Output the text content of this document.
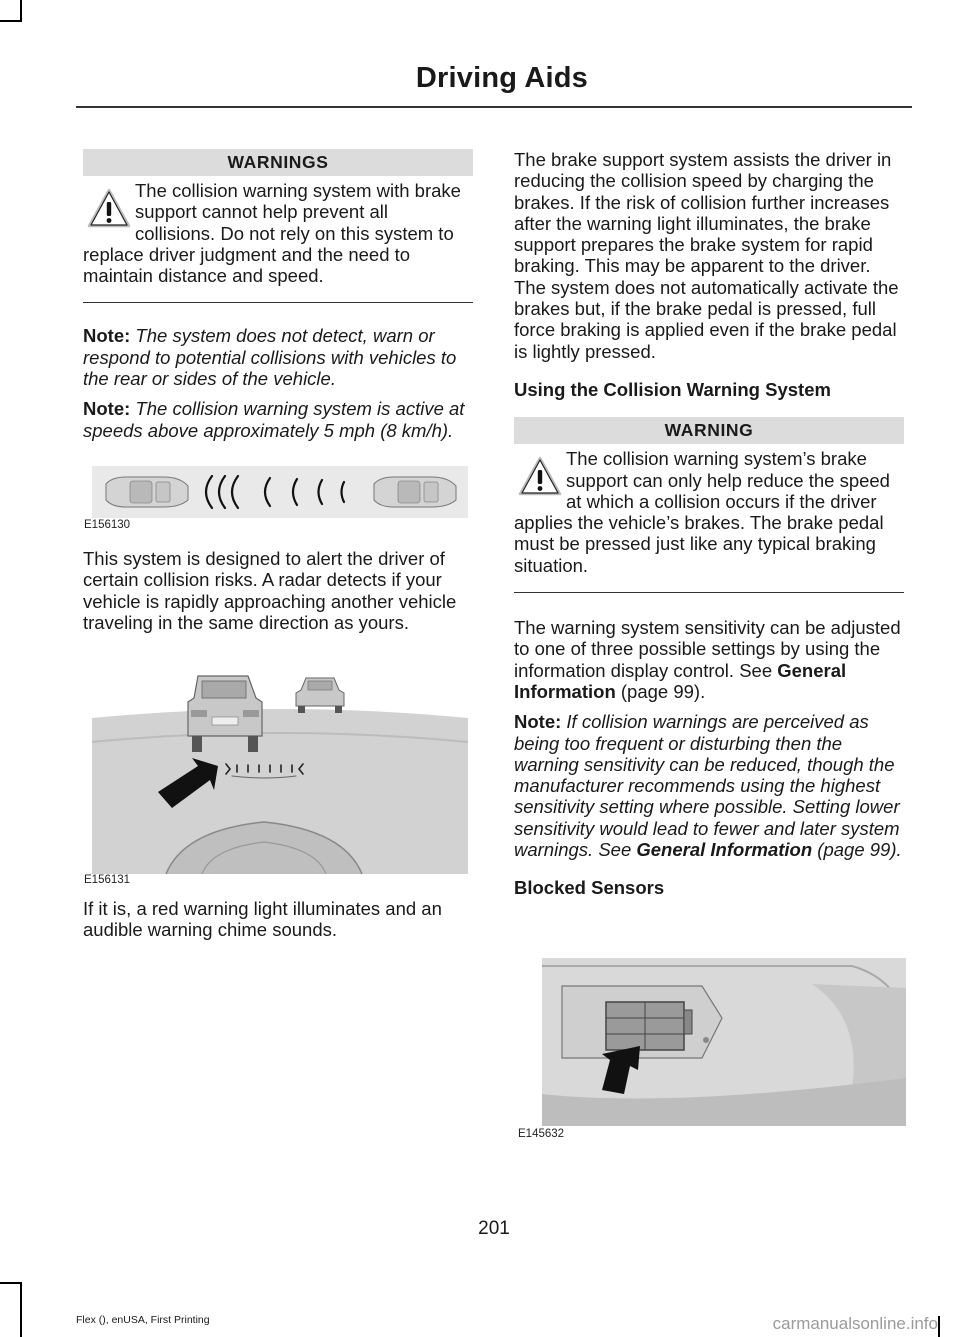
Driving Aids
WARNINGS

The collision warning system with brake support cannot help prevent all collisions. Do not rely on this system to replace driver judgment and the need to maintain distance and speed.

Note: The system does not detect, warn or respond to potential collisions with vehicles to the rear or sides of the vehicle.

Note: The collision warning system is active at speeds above approximately 5 mph (8 km/h).

E156130

This system is designed to alert the driver of certain collision risks. A radar detects if your vehicle is rapidly approaching another vehicle traveling in the same direction as yours.

E156131

If it is, a red warning light illuminates and an audible warning chime sounds.

The brake support system assists the driver in reducing the collision speed by charging the brakes. If the risk of collision further increases after the warning light illuminates, the brake support prepares the brake system for rapid braking. This may be apparent to the driver. The system does not automatically activate the brakes but, if the brake pedal is pressed, full force braking is applied even if the brake pedal is lightly pressed.

Using the Collision Warning System

WARNING

The collision warning system’s brake support can only help reduce the speed at which a collision occurs if the driver applies the vehicle’s brakes. The brake pedal must be pressed just like any typical braking situation.

The warning system sensitivity can be adjusted to one of three possible settings by using the information display control. See General Information (page 99).

Note: If collision warnings are perceived as being too frequent or disturbing then the warning sensitivity can be reduced, though the manufacturer recommends using the highest sensitivity setting where possible. Setting lower sensitivity would lead to fewer and later system warnings. See General Information (page 99).

Blocked Sensors

E145632
201
Flex (), enUSA, First Printing	carmanualsonline.info
